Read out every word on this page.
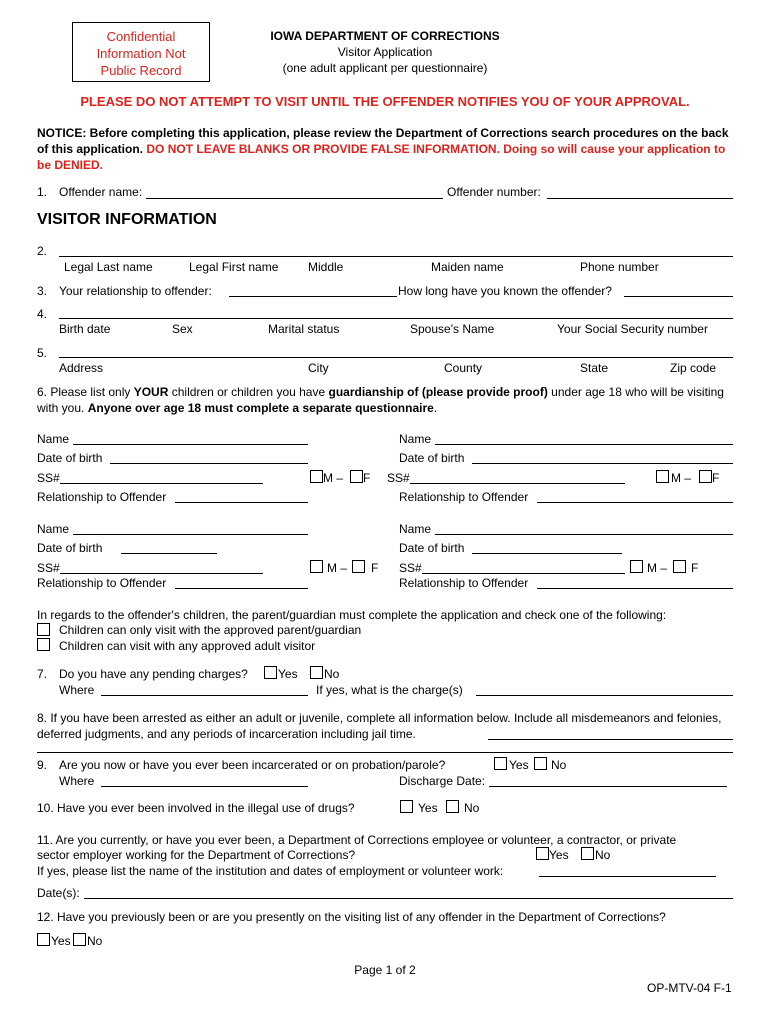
Confidential
Information Not
Public Record
IOWA DEPARTMENT OF CORRECTIONS
Visitor Application
(one adult applicant per questionnaire)
PLEASE DO NOT ATTEMPT TO VISIT UNTIL THE OFFENDER NOTIFIES YOU OF YOUR APPROVAL.
NOTICE: Before completing this application, please review the Department of Corrections search procedures on the back of this application. DO NOT LEAVE BLANKS OR PROVIDE FALSE INFORMATION. Doing so will cause your application to be DENIED.
1. Offender name:	Offender number:
VISITOR INFORMATION
2.
Legal Last name	Legal First name Middle	Maiden name	Phone number
3. Your relationship to offender:	How long have you known the offender?
4.
Birth date	Sex	Marital status	Spouse's Name	Your Social Security number
5.
Address	City	County	State	Zip code
6. Please list only YOUR children or children you have guardianship of (please provide proof) under age 18 who will be visiting with you. Anyone over age 18 must complete a separate questionnaire.
Name
Date of birth
SS#	M – F
Relationship to Offender
Name
Date of birth
SS#	M – F
Relationship to Offender
Name
Date of birth
SS#	M – F
Relationship to Offender
Name
Date of birth
SS#	M – F
Relationship to Offender
In regards to the offender's children, the parent/guardian must complete the application and check one of the following:
Children can only visit with the approved parent/guardian
Children can visit with any approved adult visitor
7. Do you have any pending charges?	Yes No
Where	If yes, what is the charge(s)
8. If you have been arrested as either an adult or juvenile, complete all information below. Include all misdemeanors and felonies, deferred judgments, and any periods of incarceration including jail time.
9. Are you now or have you ever been incarcerated or on probation/parole?	Yes No
Where	Discharge Date:
10. Have you ever been involved in the illegal use of drugs?	Yes No
11. Are you currently, or have you ever been, a Department of Corrections employee or volunteer, a contractor, or private
sector employer working for the Department of Corrections?	Yes No
If yes, please list the name of the institution and dates of employment or volunteer work:
Date(s):
12. Have you previously been or are you presently on the visiting list of any offender in the Department of Corrections?
Yes No
Page 1 of 2
OP-MTV-04 F-1
